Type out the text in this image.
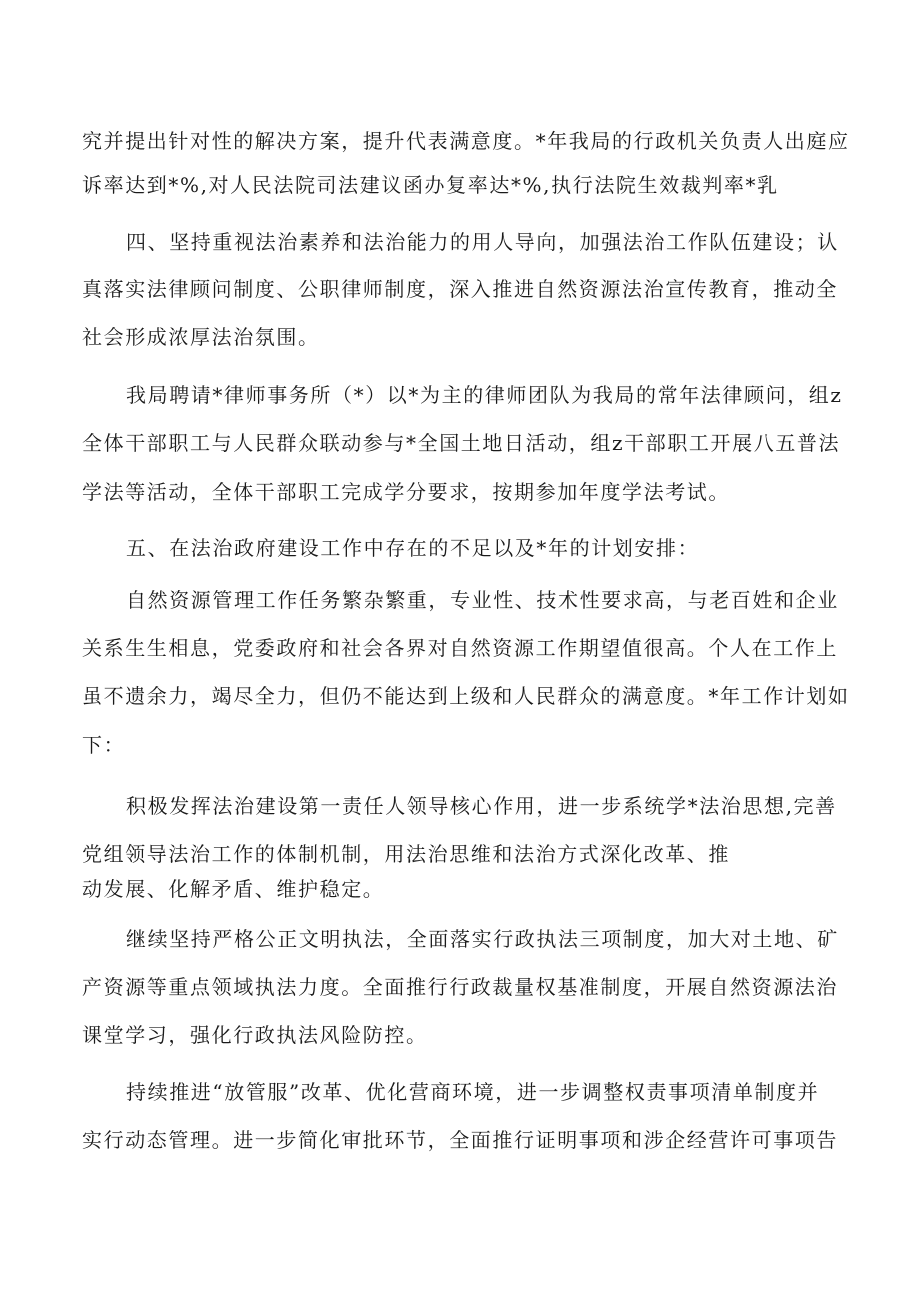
究并提出针对性的解决方案，提升代表满意度。*年我局的行政机关负责人出庭应
诉率达到*%,对人民法院司法建议函办复率达*%,执行法院生效裁判率*乳
四、坚持重视法治素养和法治能力的用人导向，加强法治工作队伍建设；认
真落实法律顾问制度、公职律师制度，深入推进自然资源法治宣传教育，推动全
社会形成浓厚法治氛围。
我局聘请*律师事务所（*）以*为主的律师团队为我局的常年法律顾问，组z
全体干部职工与人民群众联动参与*全国土地日活动，组z干部职工开展八五普法
学法等活动，全体干部职工完成学分要求，按期参加年度学法考试。
五、在法治政府建设工作中存在的不足以及*年的计划安排：
自然资源管理工作任务繁杂繁重，专业性、技术性要求高，与老百姓和企业
关系生生相息，党委政府和社会各界对自然资源工作期望值很高。个人在工作上
虽不遗余力，竭尽全力，但仍不能达到上级和人民群众的满意度。*年工作计划如
下：
积极发挥法治建设第一责任人领导核心作用，进一步系统学*法治思想,完善
党组领导法治工作的体制机制，用法治思维和法治方式深化改革、推
动发展、化解矛盾、维护稳定。
继续坚持严格公正文明执法，全面落实行政执法三项制度，加大对土地、矿
产资源等重点领域执法力度。全面推行行政裁量权基准制度，开展自然资源法治
课堂学习，强化行政执法风险防控。
持续推进“放管服”改革、优化营商环境，进一步调整权责事项清单制度并
实行动态管理。进一步简化审批环节，全面推行证明事项和涉企经营许可事项告
